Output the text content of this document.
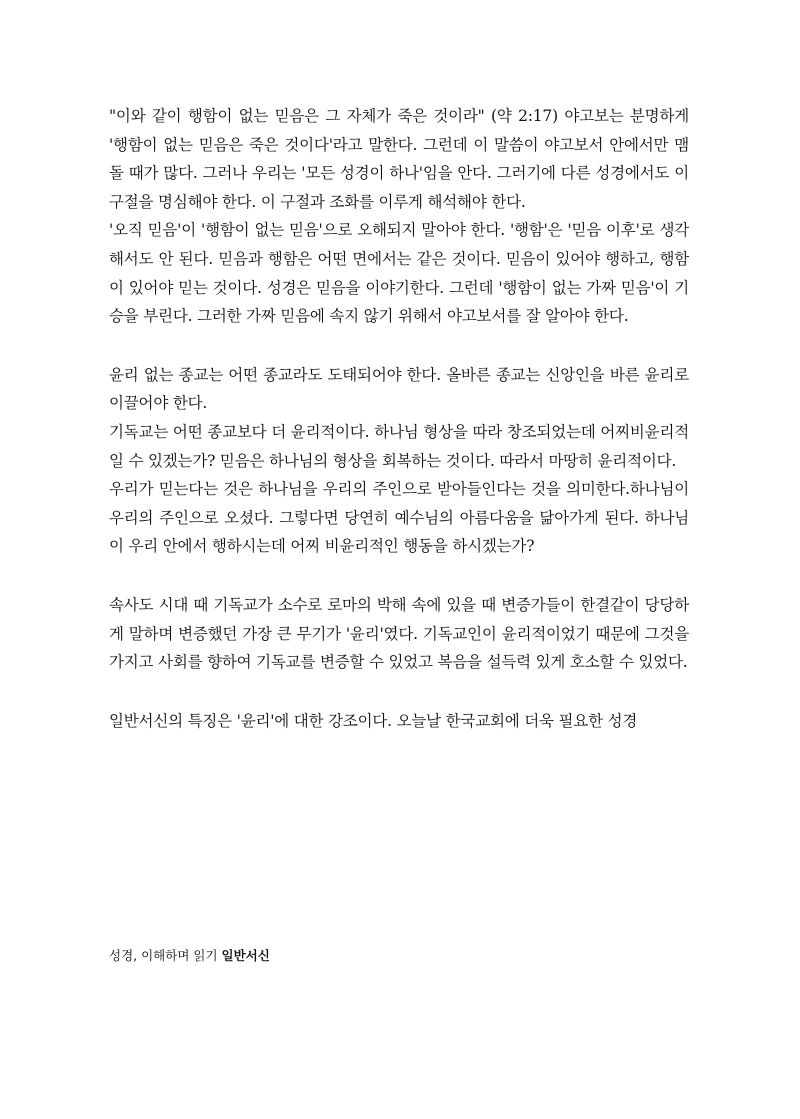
"이와 같이 행함이 없는 믿음은 그 자체가 죽은 것이라" (약 2:17) 야고보는 분명하게 '행함이 없는 믿음은 죽은 것이다'라고 말한다. 그런데 이 말씀이 야고보서 안에서만 맴돌 때가 많다. 그러나 우리는 '모든 성경이 하나'임을 안다. 그러기에 다른 성경에서도 이 구절을 명심해야 한다. 이 구절과 조화를 이루게 해석해야 한다.

'오직 믿음'이 '행함이 없는 믿음'으로 오해되지 말아야 한다. '행함'은 '믿음 이후'로 생각해서도 안 된다. 믿음과 행함은 어떤 면에서는 같은 것이다. 믿음이 있어야 행하고, 행함이 있어야 믿는 것이다. 성경은 믿음을 이야기한다. 그런데 '행함이 없는 가짜 믿음'이 기승을 부린다. 그러한 가짜 믿음에 속지 않기 위해서 야고보서를 잘 알아야 한다.

윤리 없는 종교는 어떤 종교라도 도태되어야 한다. 올바른 종교는 신앙인을 바른 윤리로 이끌어야 한다.

기독교는 어떤 종교보다 더 윤리적이다. 하나님 형상을 따라 창조되었는데 어찌비윤리적일 수 있겠는가? 믿음은 하나님의 형상을 회복하는 것이다. 따라서 마땅히 윤리적이다.

우리가 믿는다는 것은 하나님을 우리의 주인으로 받아들인다는 것을 의미한다.하나님이 우리의 주인으로 오셨다. 그렇다면 당연히 예수님의 아름다움을 닮아가게 된다. 하나님이 우리 안에서 행하시는데 어찌 비윤리적인 행동을 하시겠는가?

속사도 시대 때 기독교가 소수로 로마의 박해 속에 있을 때 변증가들이 한결같이 당당하게 말하며 변증했던 가장 큰 무기가 '윤리'였다. 기독교인이 윤리적이었기 때문에 그것을 가지고 사회를 향하여 기독교를 변증할 수 있었고 복음을 설득력 있게 호소할 수 있었다.

일반서신의 특징은 '윤리'에 대한 강조이다. 오늘날 한국교회에 더욱 필요한 성경

성경, 이해하며 읽기 일반서신
